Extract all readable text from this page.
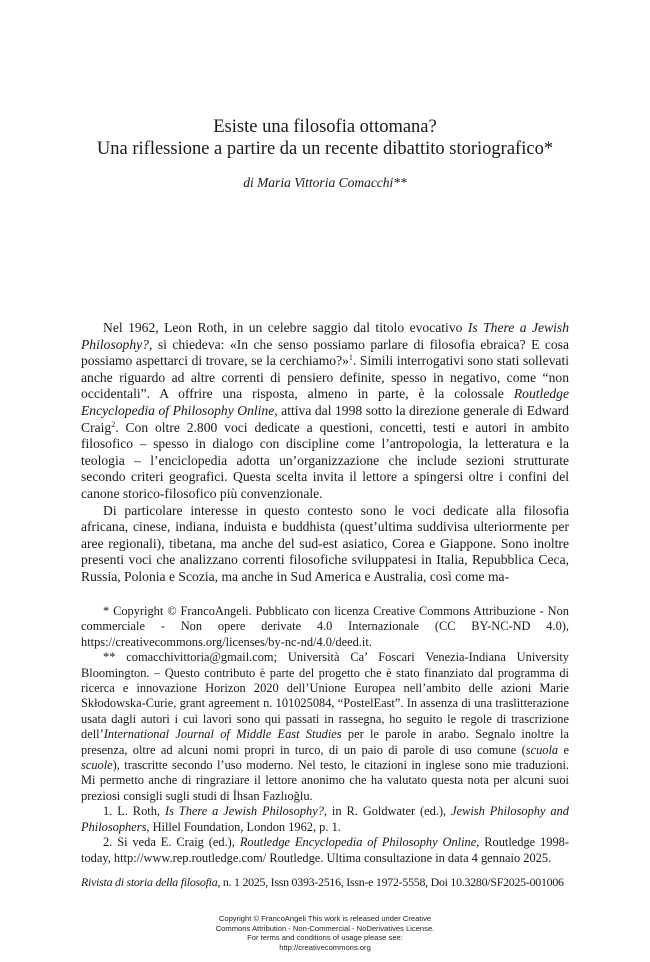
Esiste una filosofia ottomana?
Una riflessione a partire da un recente dibattito storiografico*
di Maria Vittoria Comacchi**

Nel 1962, Leon Roth, in un celebre saggio dal titolo evocativo Is There a Jewish Philosophy?, si chiedeva: «In che senso possiamo parlare di filosofia ebraica? E cosa possiamo aspettarci di trovare, se la cerchiamo?»$^1$. Simili interrogativi sono stati sollevati anche riguardo ad altre correnti di pensiero definite, spesso in negativo, come “non occidentali”. A offrire una risposta, almeno in parte, è la colossale Routledge Encyclopedia of Philosophy Online, attiva dal 1998 sotto la direzione generale di Edward Craig$^2$. Con oltre 2.800 voci dedicate a questioni, concetti, testi e autori in ambito filosofico – spesso in dialogo con discipline come l’antropologia, la letteratura e la teologia – l’enciclopedia adotta un’organizzazione che include sezioni strutturate secondo criteri geografici. Questa scelta invita il lettore a spingersi oltre i confini del canone storico-filosofico più convenzionale.

Di particolare interesse in questo contesto sono le voci dedicate alla filosofia africana, cinese, indiana, induista e buddhista (quest’ultima suddivisa ulteriormente per aree regionali), tibetana, ma anche del sud-est asiatico, Corea e Giappone. Sono inoltre presenti voci che analizzano correnti filosofiche sviluppatesi in Italia, Repubblica Ceca, Russia, Polonia e Scozia, ma anche in Sud America e Australia, così come ma-

* Copyright © FrancoAngeli. Pubblicato con licenza Creative Commons Attribuzione - Non commerciale - Non opere derivate 4.0 Internazionale (CC BY-NC-ND 4.0), https://creativecommons.org/licenses/by-nc-nd/4.0/deed.it.

** comacchivittoria@gmail.com; Università Ca’ Foscari Venezia-Indiana University Bloomington. – Questo contributo è parte del progetto che è stato finanziato dal programma di ricerca e innovazione Horizon 2020 dell’Unione Europea nell’ambito delle azioni Marie Skłodowska-Curie, grant agreement n. 101025084, “PostelEast”. In assenza di una traslitterazione usata dagli autori i cui lavori sono qui passati in rassegna, ho seguito le regole di trascrizione dell’International Journal of Middle East Studies per le parole in arabo. Segnalo inoltre la presenza, oltre ad alcuni nomi propri in turco, di un paio di parole di uso comune (scuola e scuole), trascritte secondo l’uso moderno. Nel testo, le citazioni in inglese sono mie traduzioni. Mi permetto anche di ringraziare il lettore anonimo che ha valutato questa nota per alcuni suoi preziosi consigli sugli studi di İhsan Fazlıoğlu.

1. L. Roth, Is There a Jewish Philosophy?, in R. Goldwater (ed.), Jewish Philosophy and Philosophers, Hillel Foundation, London 1962, p. 1.

2. Si veda E. Craig (ed.), Routledge Encyclopedia of Philosophy Online, Routledge 1998-today, http://www.rep.routledge.com/ Routledge. Ultima consultazione in data 4 gennaio 2025.

Rivista di storia della filosofia, n. 1 2025, Issn 0393-2516, Issn-e 1972-5558, Doi 10.3280/SF2025-001006
Copyright © FrancoAngeli This work is released under Creative
Commons Attribution - Non-Commercial - NoDerivatives License.
For terms and conditions of usage please see:
http://creativecommons.org
